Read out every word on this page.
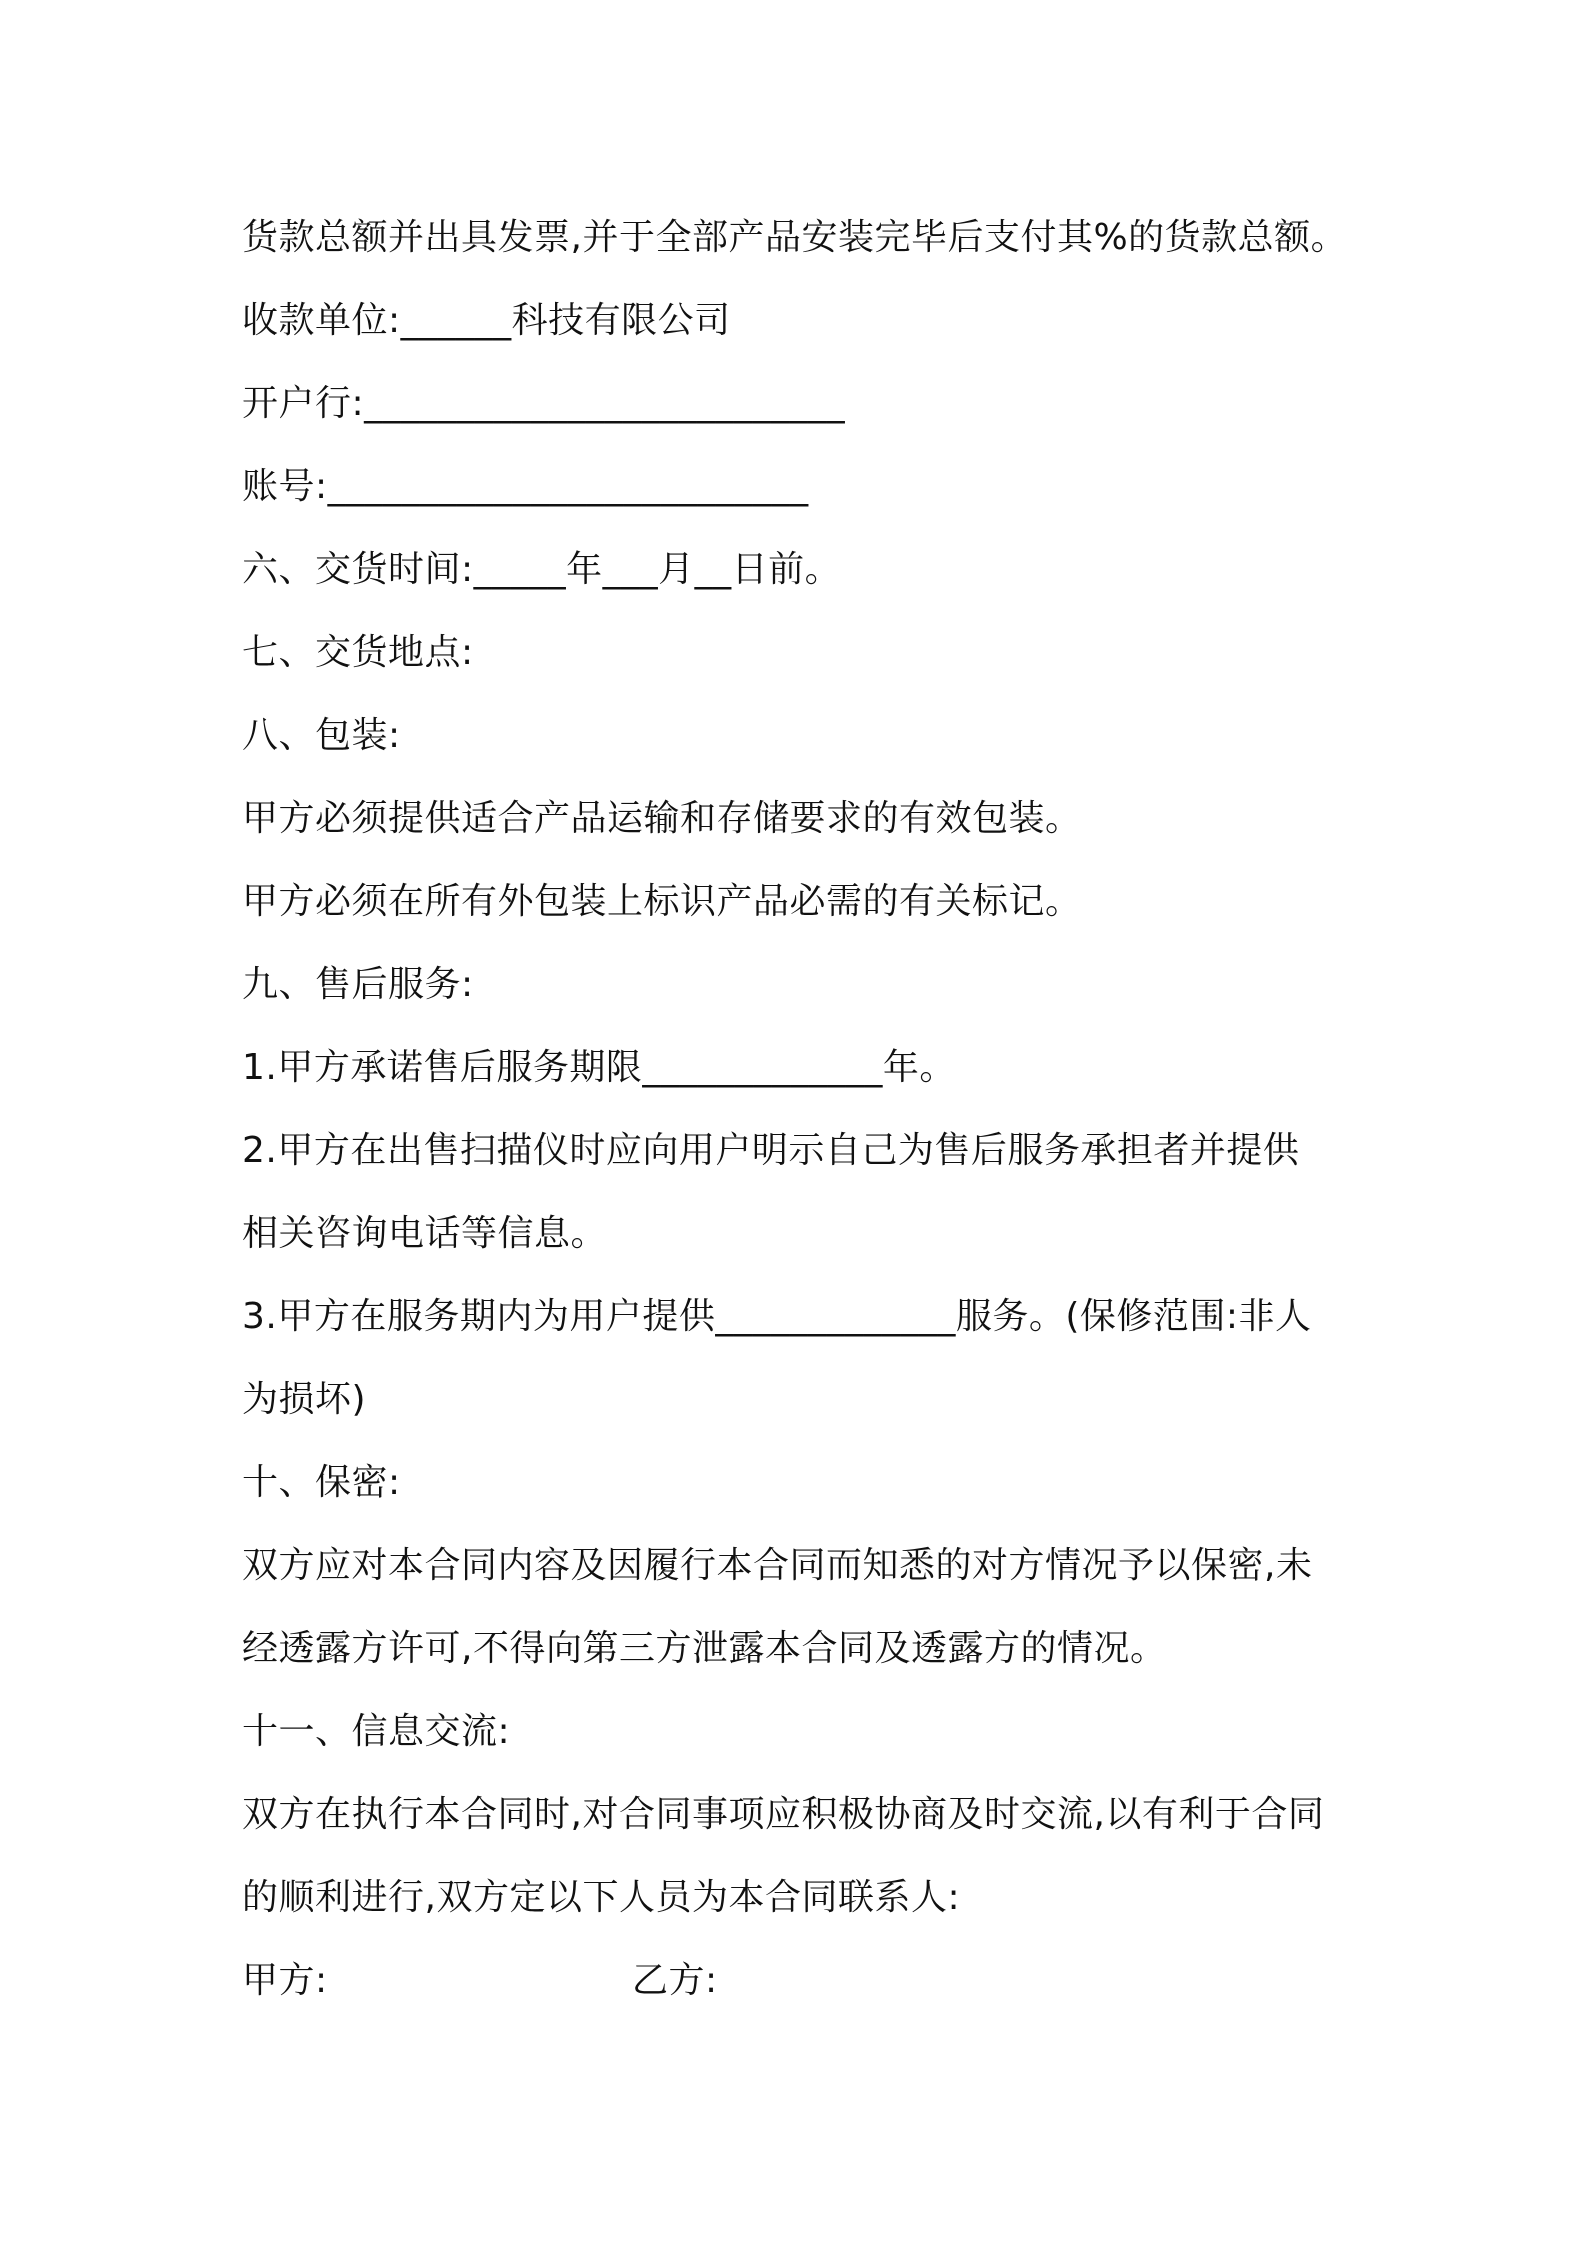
货款总额并出具发票,并于全部产品安装完毕后支付其%的货款总额。
收款单位:______科技有限公司
开户行:__________________________
账号:__________________________
六、交货时间:_____年___月__日前。
七、交货地点:
八、包装:
甲方必须提供适合产品运输和存储要求的有效包装。
甲方必须在所有外包装上标识产品必需的有关标记。
九、售后服务:
1.甲方承诺售后服务期限_____________年。
2.甲方在出售扫描仪时应向用户明示自己为售后服务承担者并提供
相关咨询电话等信息。
3.甲方在服务期内为用户提供_____________服务。(保修范围:非人
为损坏)
十、保密:
双方应对本合同内容及因履行本合同而知悉的对方情况予以保密,未
经透露方许可,不得向第三方泄露本合同及透露方的情况。
十一、信息交流:
双方在执行本合同时,对合同事项应积极协商及时交流,以有利于合同
的顺利进行,双方定以下人员为本合同联系人:
甲方:	乙方:
